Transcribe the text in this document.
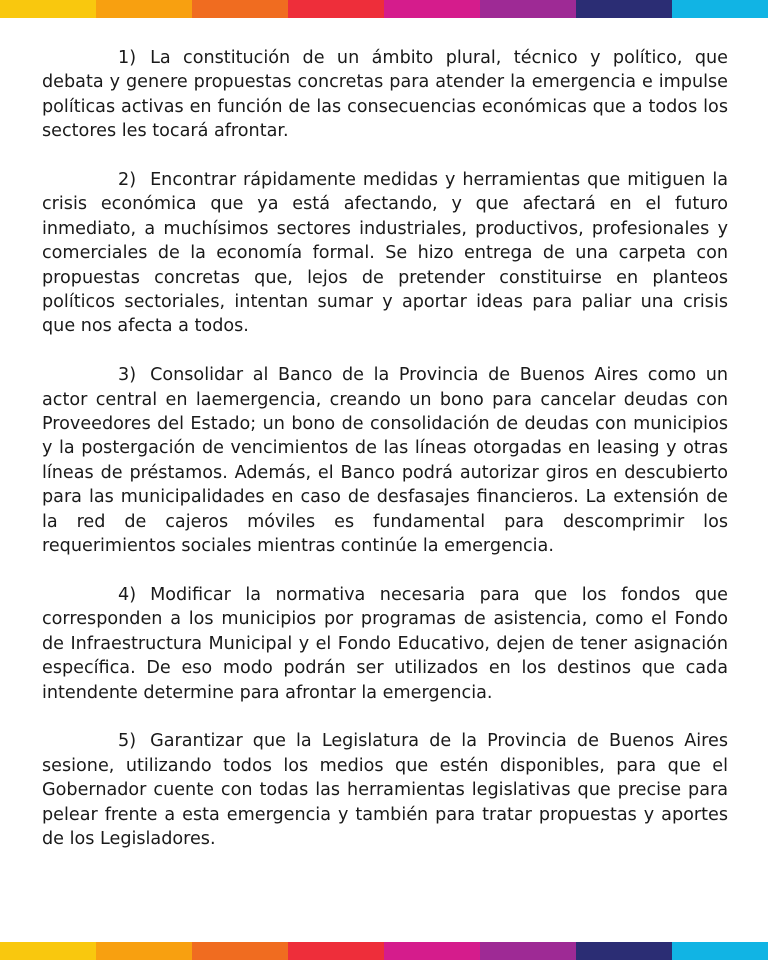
1) La constitución de un ámbito plural, técnico y político, que debata y genere propuestas concretas para atender la emergencia e impulse políticas activas en función de las consecuencias económicas que a todos los sectores les tocará afrontar.

2) Encontrar rápidamente medidas y herramientas que mitiguen la crisis económica que ya está afectando, y que afectará en el futuro inmediato, a muchísimos sectores industriales, productivos, profesionales y comerciales de la economía formal. Se hizo entrega de una carpeta con propuestas concretas que, lejos de pretender constituirse en planteos políticos sectoriales, intentan sumar y aportar ideas para paliar una crisis que nos afecta a todos.

3) Consolidar al Banco de la Provincia de Buenos Aires como un actor central en laemergencia, creando un bono para cancelar deudas con Proveedores del Estado; un bono de consolidación de deudas con municipios y la postergación de vencimientos de las líneas otorgadas en leasing y otras líneas de préstamos. Además, el Banco podrá autorizar giros en descubierto para las municipalidades en caso de desfasajes financieros. La extensión de la red de cajeros móviles es fundamental para descomprimir los requerimientos sociales mientras continúe la emergencia.

4) Modificar la normativa necesaria para que los fondos que corresponden a los municipios por programas de asistencia, como el Fondo de Infraestructura Municipal y el Fondo Educativo, dejen de tener asignación específica. De eso modo podrán ser utilizados en los destinos que cada intendente determine para afrontar la emergencia.

5) Garantizar que la Legislatura de la Provincia de Buenos Aires sesione, utilizando todos los medios que estén disponibles, para que el Gobernador cuente con todas las herramientas legislativas que precise para pelear frente a esta emergencia y también para tratar propuestas y aportes de los Legisladores.
